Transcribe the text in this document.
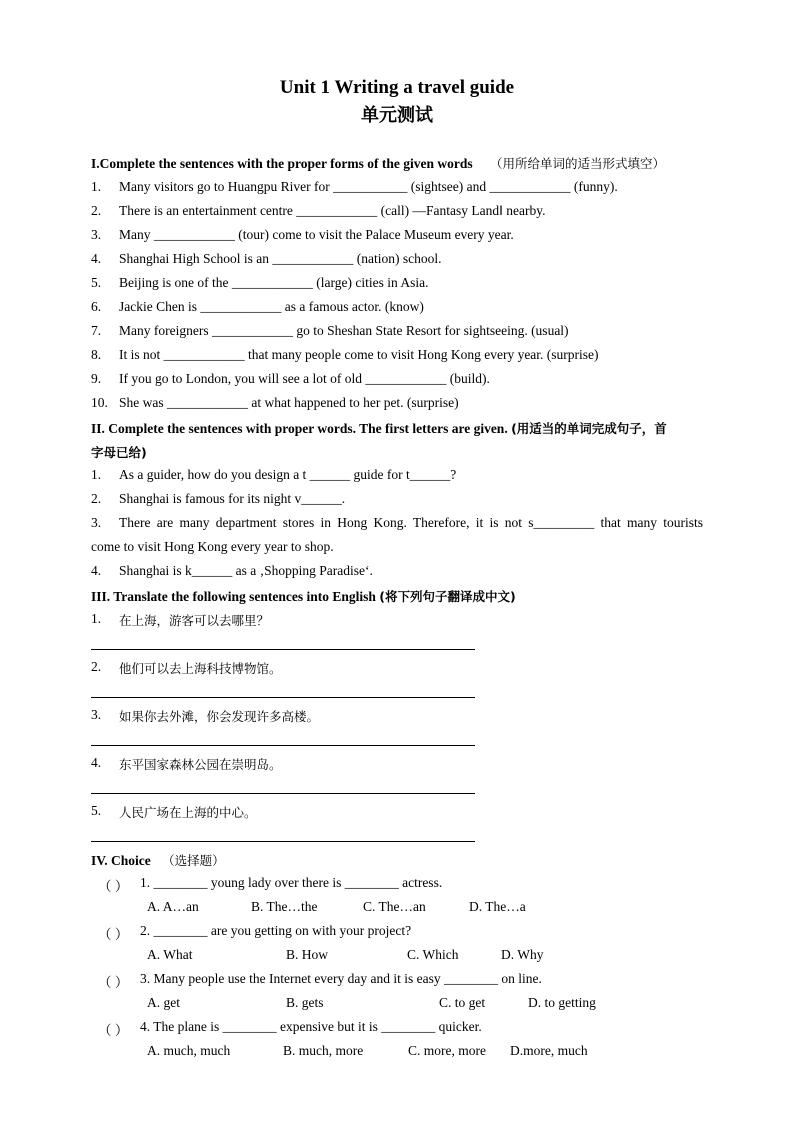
Unit 1 Writing a travel guide
单元测试
I.Complete the sentences with the proper forms of the given words （用所给单词的适当形式填空）
1. Many visitors go to Huangpu River for ___________ (sightsee) and ____________ (funny).
2. There is an entertainment centre ____________ (call) —Fantasy Landǁ nearby.
3. Many ____________ (tour) come to visit the Palace Museum every year.
4. Shanghai High School is an ____________ (nation) school.
5. Beijing is one of the ____________ (large) cities in Asia.
6. Jackie Chen is ____________ as a famous actor. (know)
7. Many foreigners ____________ go to Sheshan State Resort for sightseeing. (usual)
8. It is not ____________ that many people come to visit Hong Kong every year. (surprise)
9. If you go to London, you will see a lot of old ____________ (build).
10. She was ____________ at what happened to her pet. (surprise)
II. Complete the sentences with proper words. The first letters are given. (用适当的单词完成句子，首
字母已给)
1. As a guider, how do you design a t ______ guide for t______?
2. Shanghai is famous for its night v______.
3. There are many department stores in Hong Kong. Therefore, it is not s_________ that many tourists
come to visit Hong Kong every year to shop.
4. Shanghai is k______ as a ‚Shopping Paradise‘.
III. Translate the following sentences into English (将下列句子翻译成中文)
1. 在上海，游客可以去哪里？
2. 他们可以去上海科技博物馆。
3. 如果你去外滩，你会发现许多高楼。
4. 东平国家森林公园在崇明岛。
5. 人民广场在上海的中心。
IV. Choice （选择题）
（ ） 1. ________ young lady over there is ________ actress.
A. A…an	B. The…the	C. The…an	D. The…a
（ ） 2. ________ are you getting on with your project?
A. What	B. How	C. Which	D. Why
（ ） 3. Many people use the Internet every day and it is easy ________ on line.
A. get	B. gets	C. to get	D. to getting
（ ） 4. The plane is ________ expensive but it is ________ quicker.
A. much, much	B. much, more	C. more, more D.more, much
